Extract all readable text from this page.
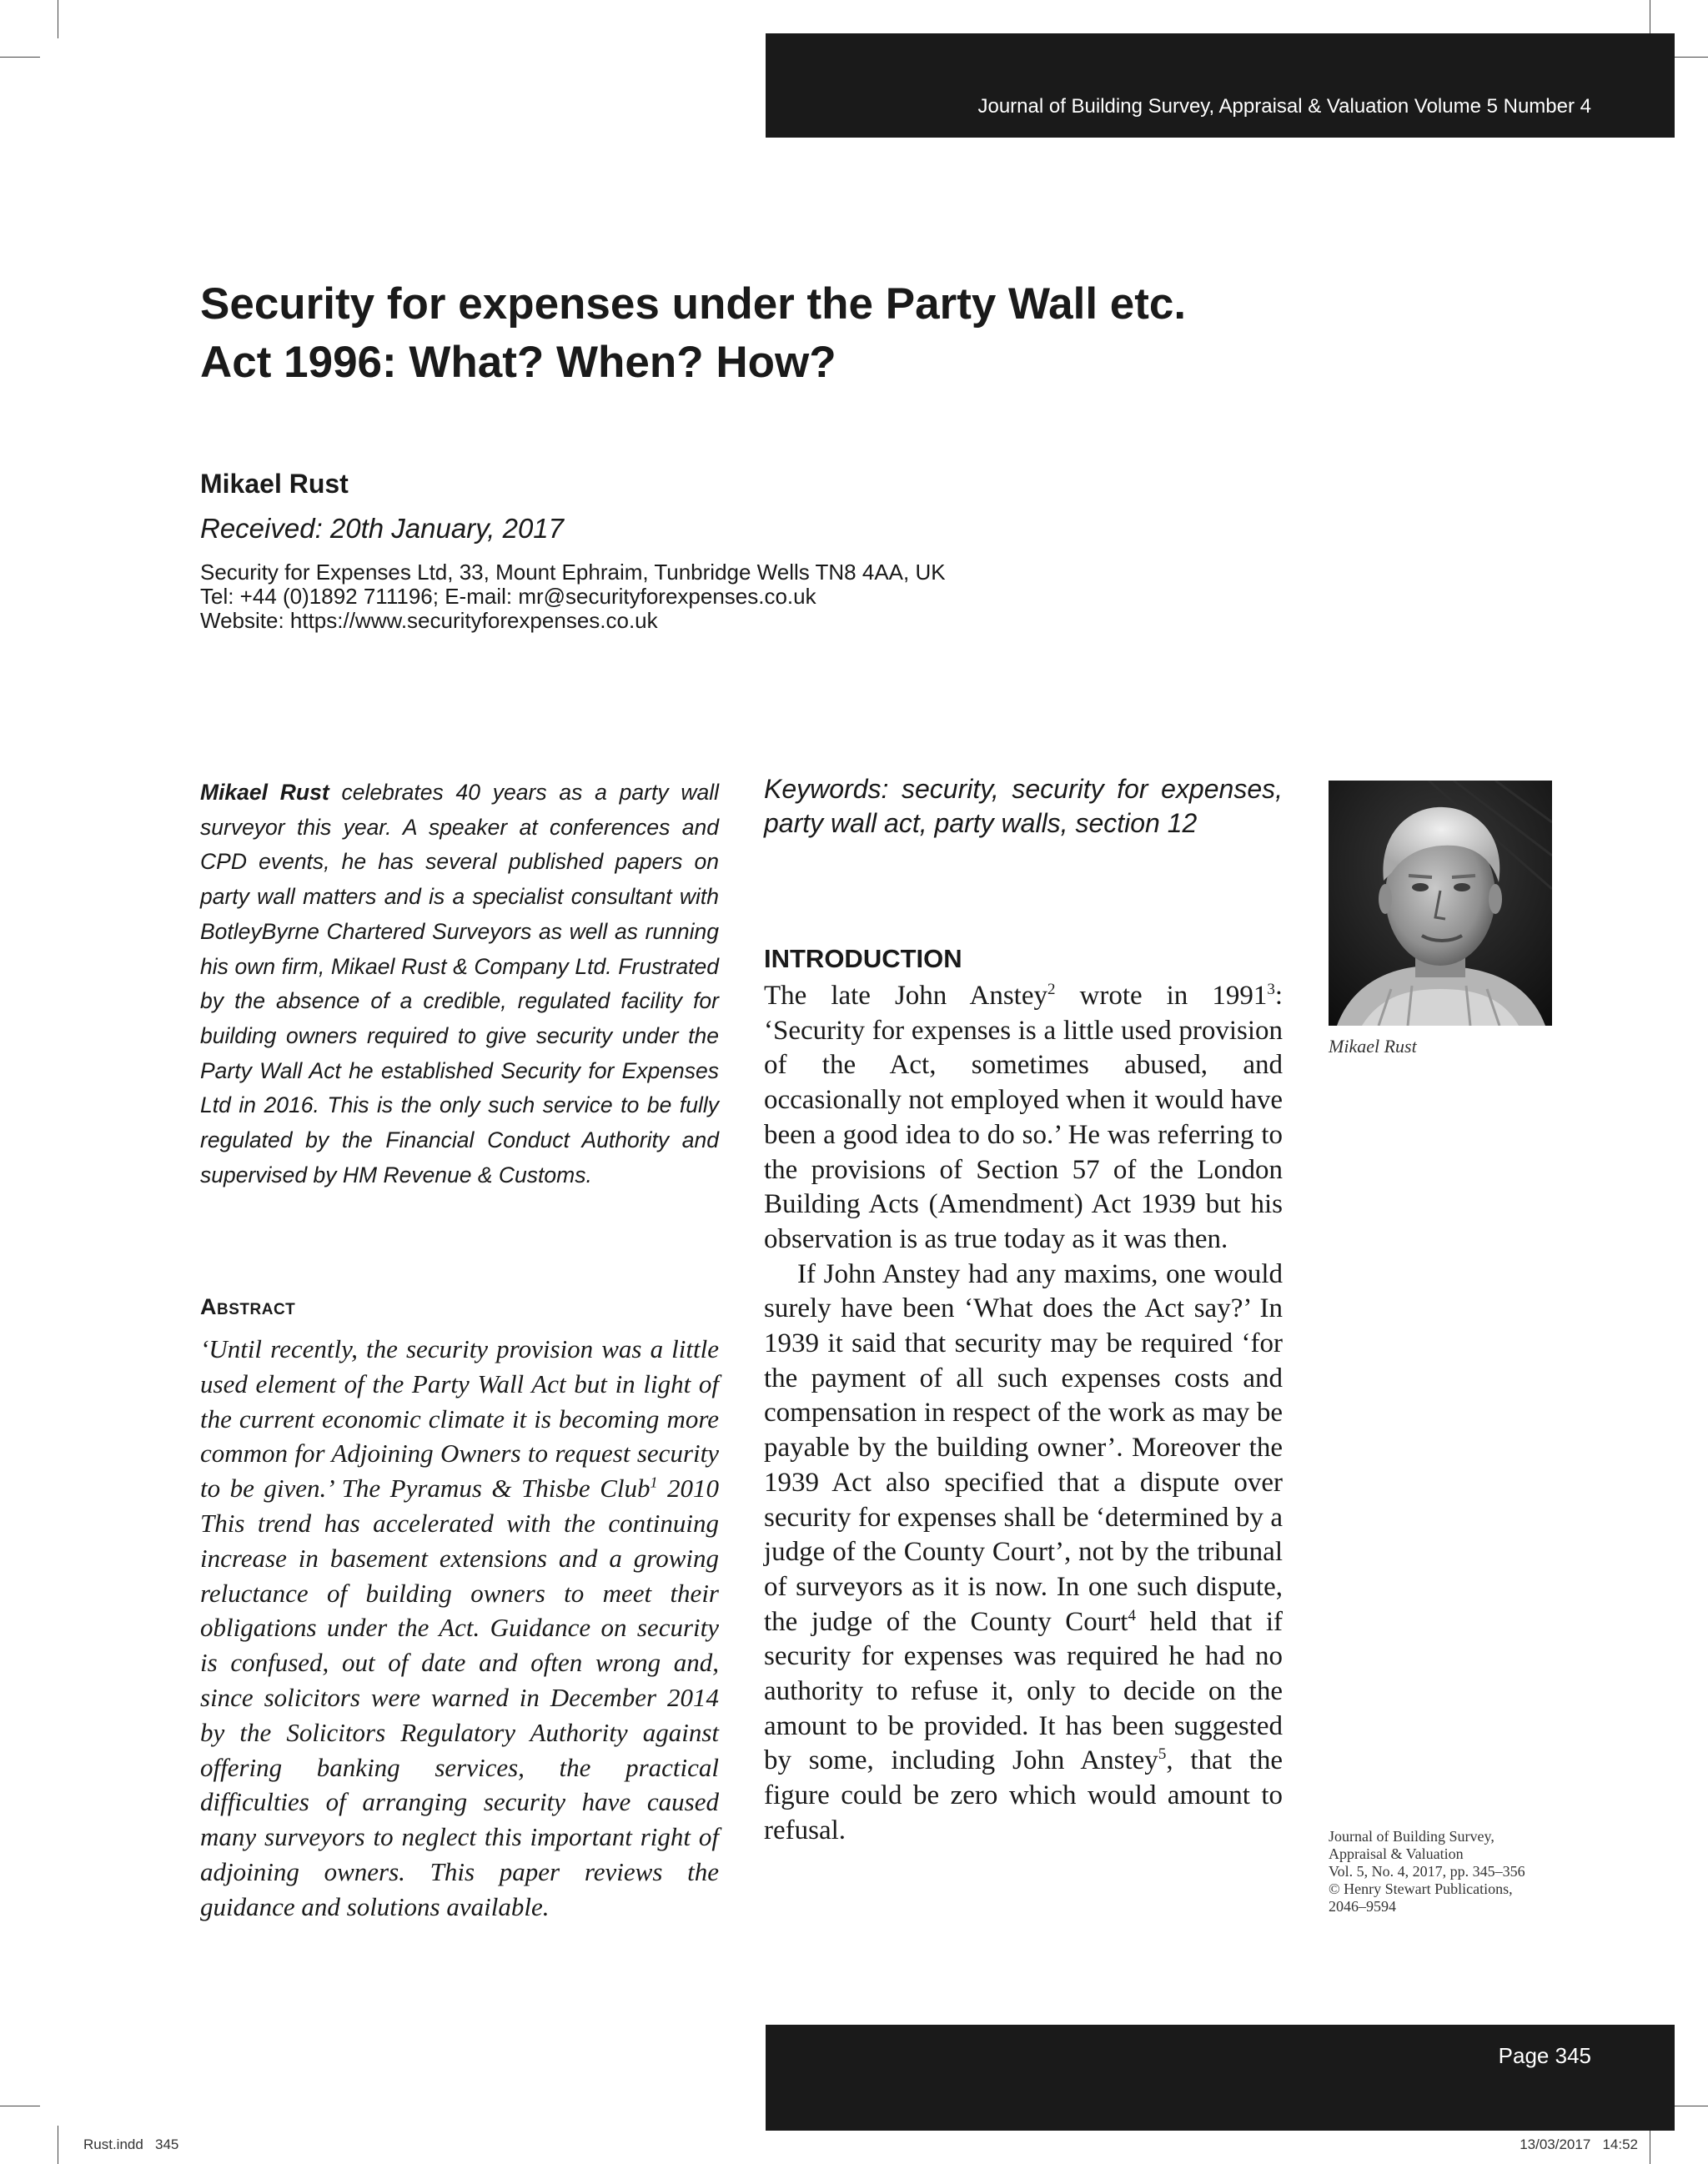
Journal of Building Survey, Appraisal & Valuation Volume 5 Number 4
Security for expenses under the Party Wall etc. Act 1996: What? When? How?

Mikael Rust

Received: 20th January, 2017

Security for Expenses Ltd, 33, Mount Ephraim, Tunbridge Wells TN8 4AA, UK
Tel: +44 (0)1892 711196; E-mail: mr@securityforexpenses.co.uk
Website: https://www.securityforexpenses.co.uk

Mikael Rust celebrates 40 years as a party wall surveyor this year. A speaker at conferences and CPD events, he has several published papers on party wall matters and is a specialist consultant with BotleyByrne Chartered Surveyors as well as running his own firm, Mikael Rust & Company Ltd. Frustrated by the absence of a credible, regulated facility for building owners required to give security under the Party Wall Act he established Security for Expenses Ltd in 2016. This is the only such service to be fully regulated by the Financial Conduct Authority and supervised by HM Revenue & Customs.

Abstract

‘Until recently, the security provision was a little used element of the Party Wall Act but in light of the current economic climate it is becoming more common for Adjoining Owners to request security to be given.’ The Pyramus & Thisbe Club$^1$ 2010 This trend has accelerated with the continuing increase in basement extensions and a growing reluctance of building owners to meet their obligations under the Act. Guidance on security is confused, out of date and often wrong and, since solicitors were warned in December 2014 by the Solicitors Regulatory Authority against offering banking services, the practical difficulties of arranging security have caused many surveyors to neglect this important right of adjoining owners. This paper reviews the guidance and solutions available.

Keywords: security, security for expenses, party wall act, party walls, section 12

INTRODUCTION

The late John Anstey$^2$ wrote in 1991$^3$: ‘Security for expenses is a little used provision of the Act, sometimes abused, and occasionally not employed when it would have been a good idea to do so.’ He was referring to the provisions of Section 57 of the London Building Acts (Amendment) Act 1939 but his observation is as true today as it was then.

If John Anstey had any maxims, one would surely have been ‘What does the Act say?’ In 1939 it said that security may be required ‘for the payment of all such expenses costs and compensation in respect of the work as may be payable by the building owner’. Moreover the 1939 Act also specified that a dispute over security for expenses shall be ‘determined by a judge of the County Court’, not by the tribunal of surveyors as it is now. In one such dispute, the judge of the County Court$^4$ held that if security for expenses was required he had no authority to refuse it, only to decide on the amount to be provided. It has been suggested by some, including John Anstey$^5$, that the figure could be zero which would amount to refusal.

Mikael Rust

Journal of Building Survey,
Appraisal & Valuation
Vol. 5, No. 4, 2017, pp. 345–356
© Henry Stewart Publications,
2046–9594
Page 345
Rust.indd   345	13/03/2017   14:52
